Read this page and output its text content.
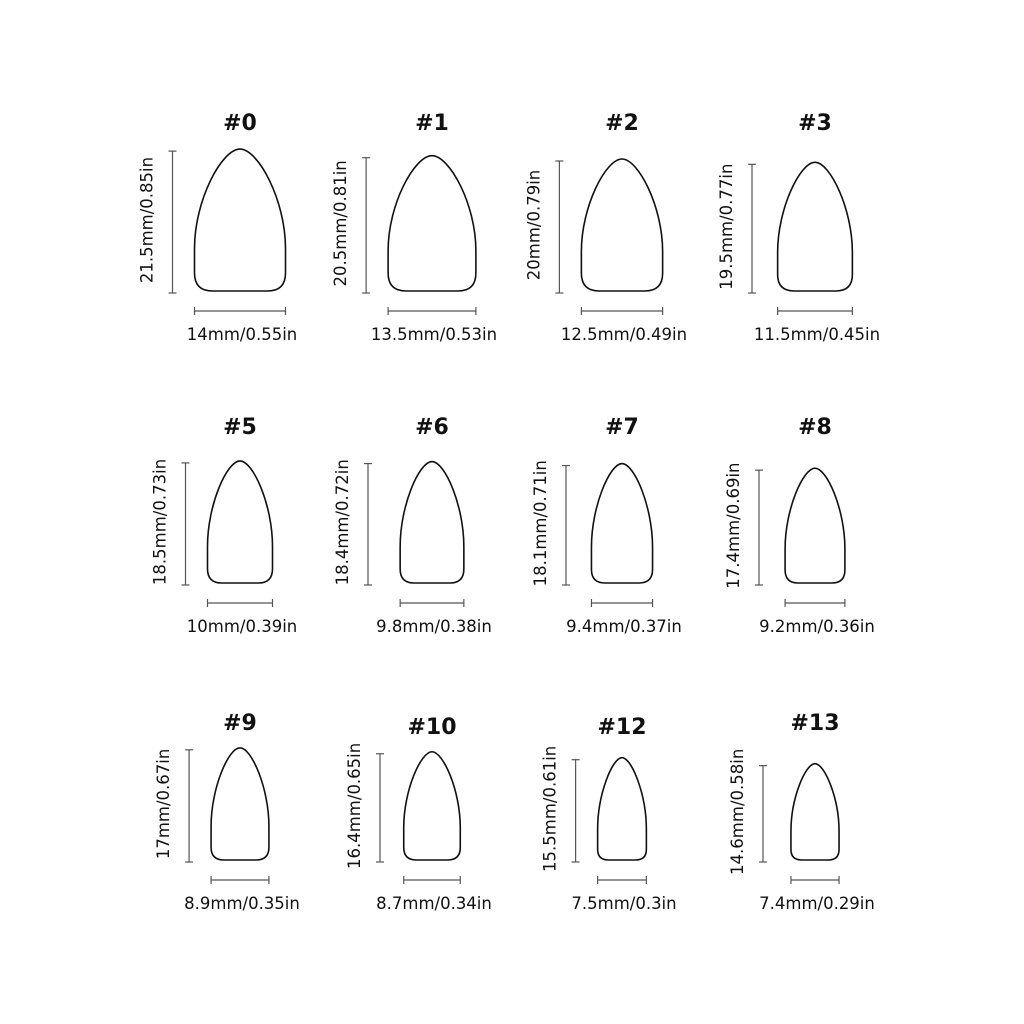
#0
21.5mm/0.85in
14mm/0.55in
#1
20.5mm/0.81in
13.5mm/0.53in
#2
20mm/0.79in
12.5mm/0.49in
#3
19.5mm/0.77in
11.5mm/0.45in
#5
18.5mm/0.73in
10mm/0.39in
#6
18.4mm/0.72in
9.8mm/0.38in
#7
18.1mm/0.71in
9.4mm/0.37in
#8
17.4mm/0.69in
9.2mm/0.36in
#9
17mm/0.67in
8.9mm/0.35in
#10
16.4mm/0.65in
8.7mm/0.34in
#12
15.5mm/0.61in
7.5mm/0.3in
#13
14.6mm/0.58in
7.4mm/0.29in
